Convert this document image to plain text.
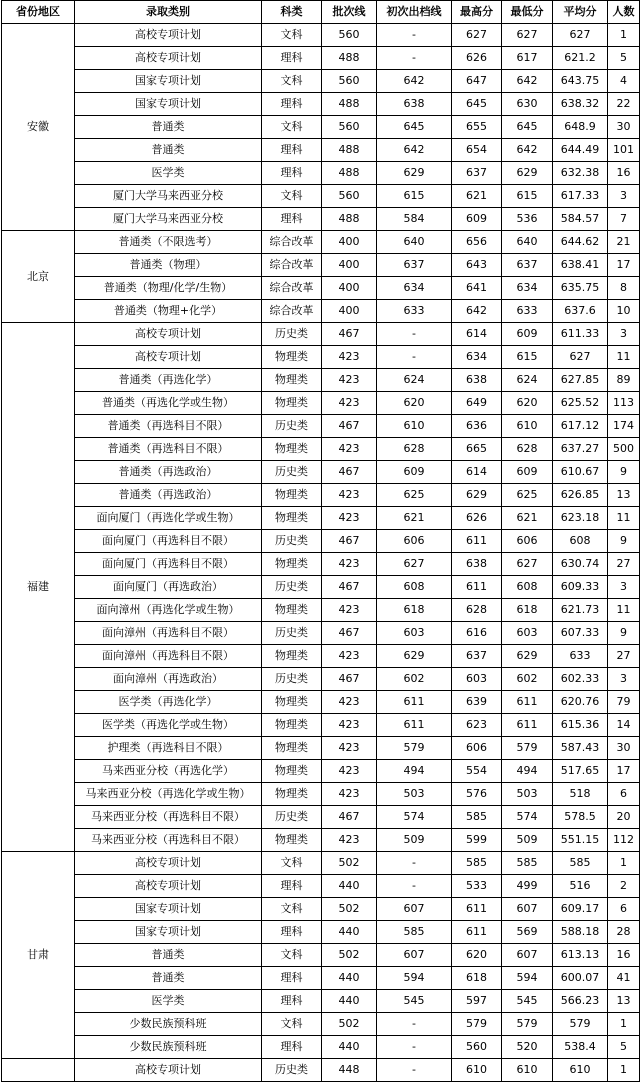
省份地区	录取类别	科类	批次线	初次出档线	最高分	最低分	平均分	人数
安徽	高校专项计划	文科	560	-	627	627	627	1
	高校专项计划	理科	488	-	626	617	621.2	5
	国家专项计划	文科	560	642	647	642	643.75	4
	国家专项计划	理科	488	638	645	630	638.32	22
	普通类	文科	560	645	655	645	648.9	30
	普通类	理科	488	642	654	642	644.49	101
	医学类	理科	488	629	637	629	632.38	16
	厦门大学马来西亚分校	文科	560	615	621	615	617.33	3
	厦门大学马来西亚分校	理科	488	584	609	536	584.57	7
北京	普通类（不限选考）	综合改革	400	640	656	640	644.62	21
	普通类（物理）	综合改革	400	637	643	637	638.41	17
	普通类（物理/化学/生物）	综合改革	400	634	641	634	635.75	8
	普通类（物理+化学）	综合改革	400	633	642	633	637.6	10
福建	高校专项计划	历史类	467	-	614	609	611.33	3
	高校专项计划	物理类	423	-	634	615	627	11
	普通类（再选化学）	物理类	423	624	638	624	627.85	89
	普通类（再选化学或生物）	物理类	423	620	649	620	625.52	113
	普通类（再选科目不限）	历史类	467	610	636	610	617.12	174
	普通类（再选科目不限）	物理类	423	628	665	628	637.27	500
	普通类（再选政治）	历史类	467	609	614	609	610.67	9
	普通类（再选政治）	物理类	423	625	629	625	626.85	13
	面向厦门（再选化学或生物）	物理类	423	621	626	621	623.18	11
	面向厦门（再选科目不限）	历史类	467	606	611	606	608	9
	面向厦门（再选科目不限）	物理类	423	627	638	627	630.74	27
	面向厦门（再选政治）	历史类	467	608	611	608	609.33	3
	面向漳州（再选化学或生物）	物理类	423	618	628	618	621.73	11
	面向漳州（再选科目不限）	历史类	467	603	616	603	607.33	9
	面向漳州（再选科目不限）	物理类	423	629	637	629	633	27
	面向漳州（再选政治）	历史类	467	602	603	602	602.33	3
	医学类（再选化学）	物理类	423	611	639	611	620.76	79
	医学类（再选化学或生物）	物理类	423	611	623	611	615.36	14
	护理类（再选科目不限）	物理类	423	579	606	579	587.43	30
	马来西亚分校（再选化学）	物理类	423	494	554	494	517.65	17
	马来西亚分校（再选化学或生物）	物理类	423	503	576	503	518	6
	马来西亚分校（再选科目不限）	历史类	467	574	585	574	578.5	20
	马来西亚分校（再选科目不限）	物理类	423	509	599	509	551.15	112
甘肃	高校专项计划	文科	502	-	585	585	585	1
	高校专项计划	理科	440	-	533	499	516	2
	国家专项计划	文科	502	607	611	607	609.17	6
	国家专项计划	理科	440	585	611	569	588.18	28
	普通类	文科	502	607	620	607	613.13	16
	普通类	理科	440	594	618	594	600.07	41
	医学类	理科	440	545	597	545	566.23	13
	少数民族预科班	文科	502	-	579	579	579	1
	少数民族预科班	理科	440	-	560	520	538.4	5
	高校专项计划	历史类	448	-	610	610	610	1
